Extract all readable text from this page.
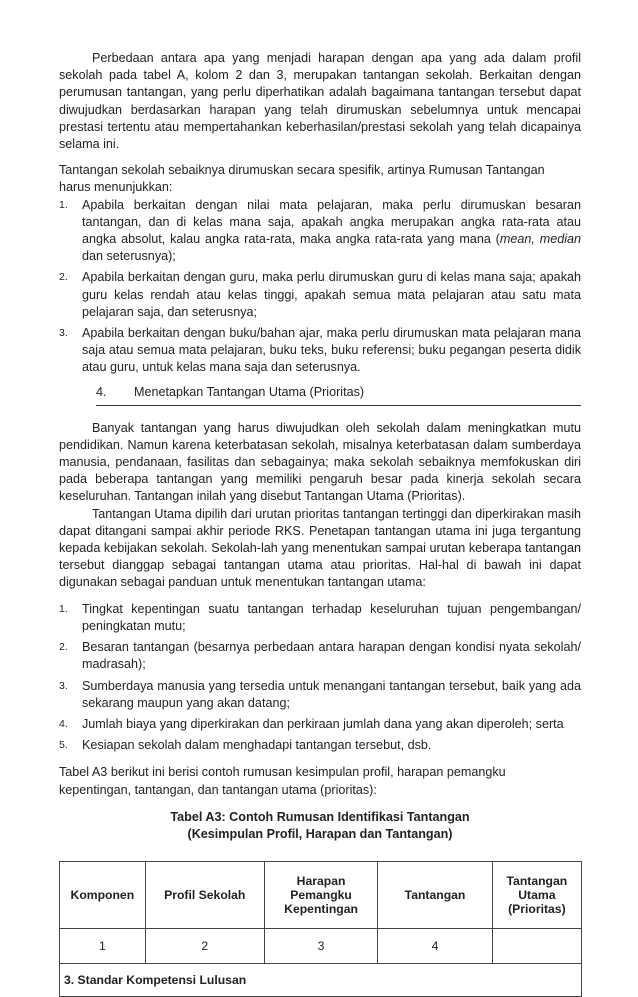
Perbedaan antara apa yang menjadi harapan dengan apa yang ada dalam profil sekolah pada tabel A, kolom 2 dan 3, merupakan tantangan sekolah. Berkaitan dengan perumusan tantangan, yang perlu diperhatikan adalah bagaimana tantangan tersebut dapat diwujudkan berdasarkan harapan yang telah dirumuskan sebelumnya untuk mencapai prestasi tertentu atau mempertahankan keberhasilan/prestasi sekolah yang telah dicapainya selama ini.

Tantangan sekolah sebaiknya dirumuskan secara spesifik, artinya Rumusan Tantangan

harus menunjukkan:

1. Apabila berkaitan dengan nilai mata pelajaran, maka perlu dirumuskan besaran tantangan, dan di kelas mana saja, apakah angka merupakan angka rata-rata atau angka absolut, kalau angka rata-rata, maka angka rata-rata yang mana (mean, median dan seterusnya);
2. Apabila berkaitan dengan guru, maka perlu dirumuskan guru di kelas mana saja; apakah guru kelas rendah atau kelas tinggi, apakah semua mata pelajaran atau satu mata pelajaran saja, dan seterusnya;
3. Apabila berkaitan dengan buku/bahan ajar, maka perlu dirumuskan mata pelajaran mana saja atau semua mata pelajaran, buku teks, buku referensi; buku pegangan peserta didik atau guru, untuk kelas mana saja dan seterusnya.
4.	Menetapkan Tantangan Utama (Prioritas)

Banyak tantangan yang harus diwujudkan oleh sekolah dalam meningkatkan mutu pendidikan. Namun karena keterbatasan sekolah, misalnya keterbatasan dalam sumberdaya manusia, pendanaan, fasilitas dan sebagainya; maka sekolah sebaiknya memfokuskan diri pada beberapa tantangan yang memiliki pengaruh besar pada kinerja sekolah secara keseluruhan. Tantangan inilah yang disebut Tantangan Utama (Prioritas).

Tantangan Utama dipilih dari urutan prioritas tantangan tertinggi dan diperkirakan masih dapat ditangani sampai akhir periode RKS. Penetapan tantangan utama ini juga tergantung kepada kebijakan sekolah. Sekolah-lah yang menentukan sampai urutan keberapa tantangan tersebut dianggap sebagai tantangan utama atau prioritas. Hal-hal di bawah ini dapat digunakan sebagai panduan untuk menentukan tantangan utama:

1. Tingkat kepentingan suatu tantangan terhadap keseluruhan tujuan pengembangan/ peningkatan mutu;
2. Besaran tantangan (besarnya perbedaan antara harapan dengan kondisi nyata sekolah/ madrasah);
3. Sumberdaya manusia yang tersedia untuk menangani tantangan tersebut, baik yang ada sekarang maupun yang akan datang;
4. Jumlah biaya yang diperkirakan dan perkiraan jumlah dana yang akan diperoleh; serta
5. Kesiapan sekolah dalam menghadapi tantangan tersebut, dsb.

Tabel A3 berikut ini berisi contoh rumusan kesimpulan profil, harapan pemangku

kepentingan, tantangan, dan tantangan utama (prioritas):

Tabel A3: Contoh Rumusan Identifikasi Tantangan
(Kesimpulan Profil, Harapan dan Tantangan)
Komponen	Profil Sekolah	Harapan Pemangku Kepentingan	Tantangan	Tantangan Utama (Prioritas)
1	2	3	4	
3. Standar Kompetensi Lulusan				
